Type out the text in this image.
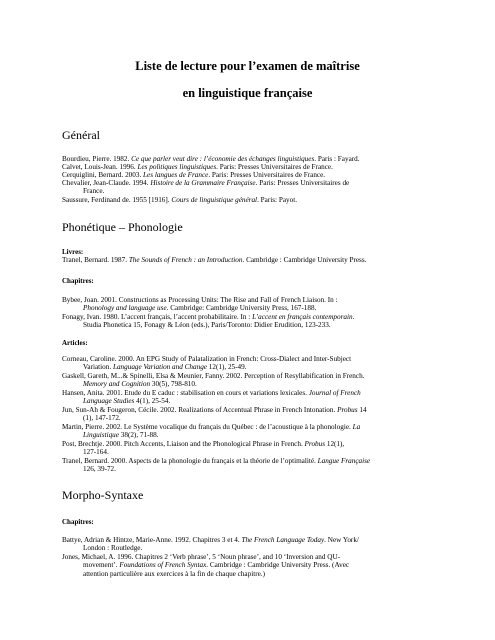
Liste de lecture pour l’examen de maîtrise
en linguistique française
Général
Bourdieu, Pierre. 1982. Ce que parler veut dire : l’économie des échanges linguistiques. Paris : Fayard.
Calvet, Louis-Jean. 1996. Les politiques linguistiques. Paris: Presses Universitaires de France.
Cerquiglini, Bernard. 2003. Les langues de France. Paris: Presses Universitaires de France.
Chevalier, Jean-Claude. 1994. Histoire de la Grammaire Française. Paris: Presses Universitaires de
France.
Saussure, Ferdinand de. 1955 [1916]. Cours de linguistique général. Paris: Payot.
Phonétique – Phonologie
Livres:
Tranel, Bernard. 1987. The Sounds of French : an Introduction. Cambridge : Cambridge University Press.
Chapitres:
Bybee, Joan. 2001. Constructions as Processing Units: The Rise and Fall of French Liaison. In :
Phonology and language use. Cambridge: Cambridge University Press, 167-188.
Fonagy, Ivan. 1980. L’accent français, l’accent probabilitaire. In : L’accent en français contemporain.
Studia Phonetica 15, Fonagy & Léon (eds.), Paris/Toronto: Didier Erudition, 123-233.
Articles:
Corneau, Caroline. 2000. An EPG Study of Palatalization in French: Cross-Dialect and Inter-Subject
Variation. Language Variation and Change 12(1), 25-49.
Gaskell, Gareth, M...& Spinelli, Elsa & Meunier, Fanny. 2002. Perception of Resyllabification in French.
Memory and Cognition 30(5), 798-810.
Hansen, Anita. 2001. Etude du E caduc : stabilisation en cours et variations lexicales. Journal of French
Language Studies 4(1), 25-54.
Jun, Sun-Ah & Fougeron, Cécile. 2002. Realizations of Accentual Phrase in French Intonation. Probus 14
(1), 147-172.
Martin, Pierre. 2002. Le Système vocalique du français du Québec : de l’acoustique à la phonologie. La
Linguistique 38(2), 71-88.
Post, Brechtje. 2000. Pitch Accents, Liaison and the Phonological Phrase in French. Probus 12(1),
127-164.
Tranel, Bernard. 2000. Aspects de la phonologie du français et la théorie de l’optimalité. Langue Française
126, 39-72.
Morpho-Syntaxe
Chapitres:
Battye, Adrian & Hintze, Marie-Anne. 1992. Chapitres 3 et 4. The French Language Today. New York/
London : Routledge.
Jones, Michael, A. 1996. Chapitres 2 ‘Verb phrase’, 5 ‘Noun phrase’, and 10 ‘Inversion and QU-
movement’. Foundations of French Syntax. Cambridge : Cambridge University Press. (Avec
attention particulière aux exercices à la fin de chaque chapitre.)
